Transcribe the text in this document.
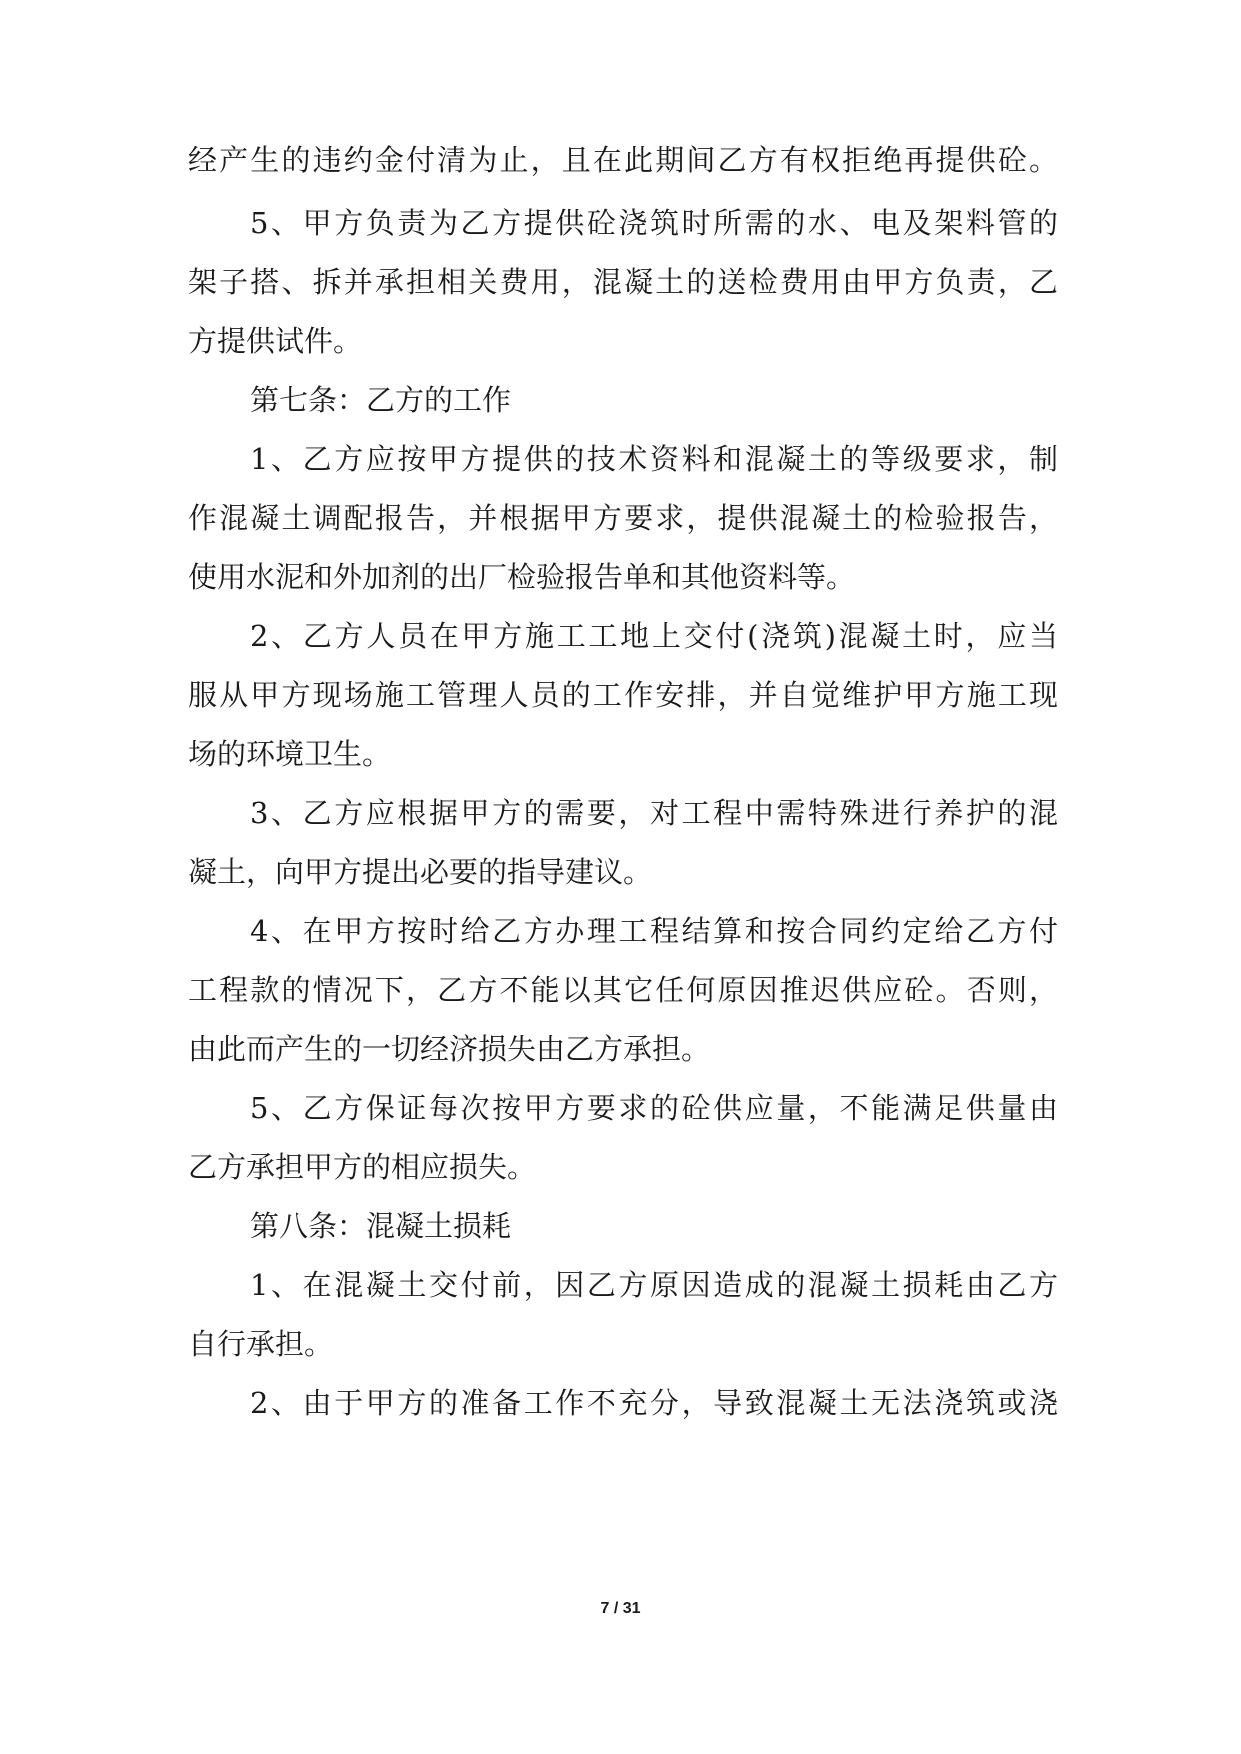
经产生的违约金付清为止，且在此期间乙方有权拒绝再提供砼。
5、甲方负责为乙方提供砼浇筑时所需的水、电及架料管的
架子搭、拆并承担相关费用，混凝土的送检费用由甲方负责，乙
方提供试件。
第七条：乙方的工作
1、乙方应按甲方提供的技术资料和混凝土的等级要求，制
作混凝土调配报告，并根据甲方要求，提供混凝土的检验报告，
使用水泥和外加剂的出厂检验报告单和其他资料等。
2、乙方人员在甲方施工工地上交付(浇筑)混凝土时，应当
服从甲方现场施工管理人员的工作安排，并自觉维护甲方施工现
场的环境卫生。
3、乙方应根据甲方的需要，对工程中需特殊进行养护的混
凝土，向甲方提出必要的指导建议。
4、在甲方按时给乙方办理工程结算和按合同约定给乙方付
工程款的情况下，乙方不能以其它任何原因推迟供应砼。否则，
由此而产生的一切经济损失由乙方承担。
5、乙方保证每次按甲方要求的砼供应量，不能满足供量由
乙方承担甲方的相应损失。
第八条：混凝土损耗
1、在混凝土交付前，因乙方原因造成的混凝土损耗由乙方
自行承担。
2、由于甲方的准备工作不充分，导致混凝土无法浇筑或浇
7 / 31
